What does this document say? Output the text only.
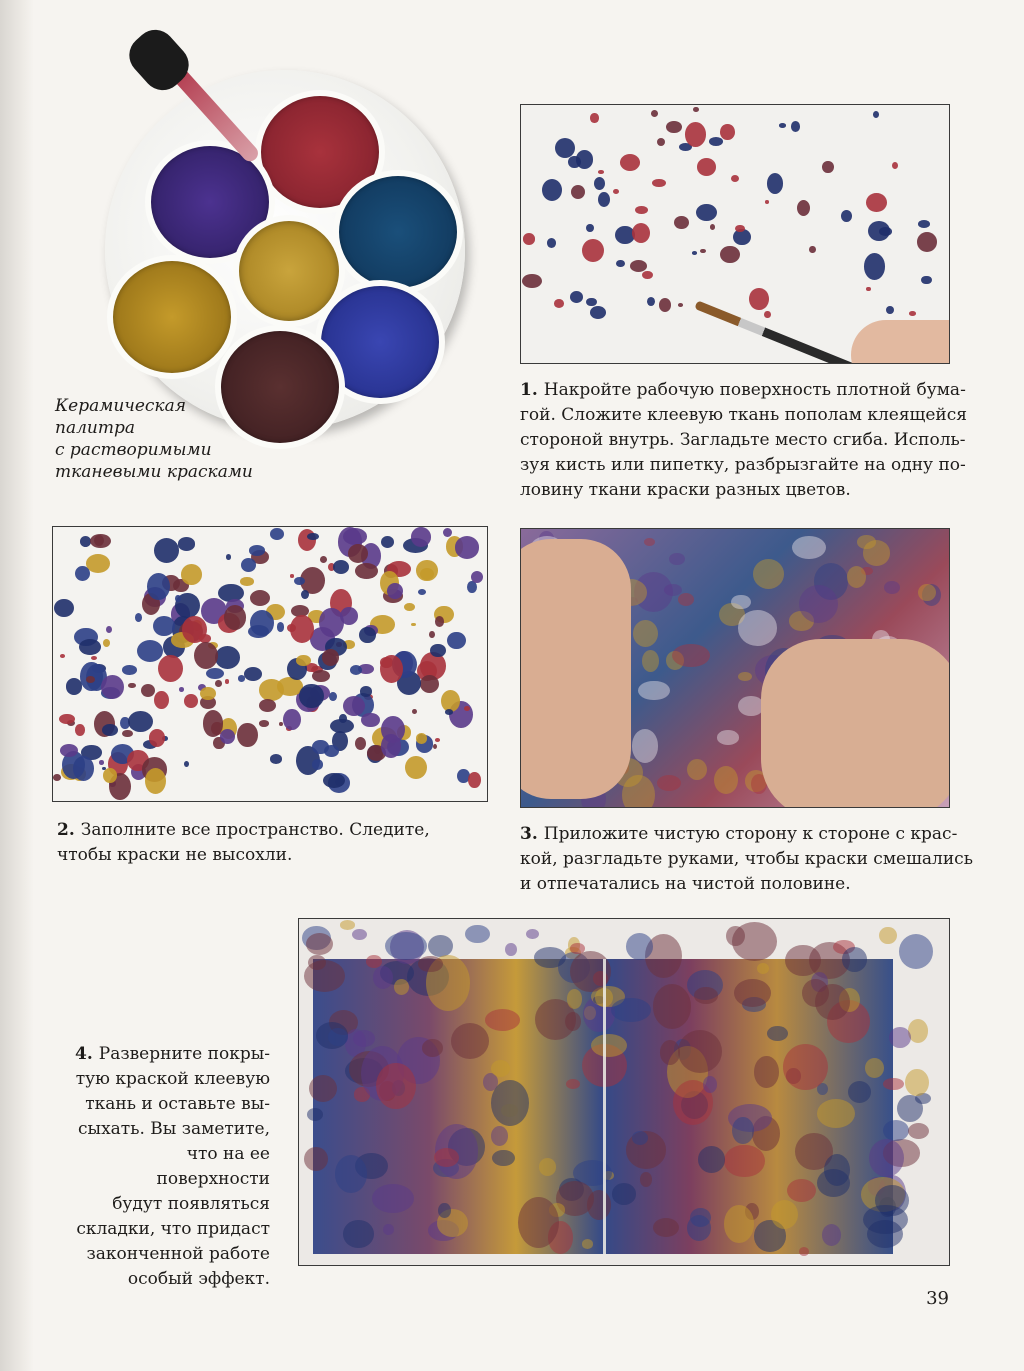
Керамическая
палитра
с растворимыми
тканевыми красками
1. Накройте рабочую поверхность плотной бума-
гой. Сложите клеевую ткань пополам клеящейся
стороной внутрь. Загладьте место сгиба. Исполь-
зуя кисть или пипетку, разбрызгайте на одну по-
ловину ткани краски разных цветов.
2. Заполните все пространство. Следите,
чтобы краски не высохли.
3. Приложите чистую сторону к стороне с крас-
кой, разгладьте руками, чтобы краски смешались
и отпечатались на чистой половине.
4. Разверните покры-
тую краской клеевую
ткань и оставьте вы-
сыхать. Вы заметите,
что на ее поверхности
будут появляться
складки, что придаст
законченной работе
особый эффект.
39
